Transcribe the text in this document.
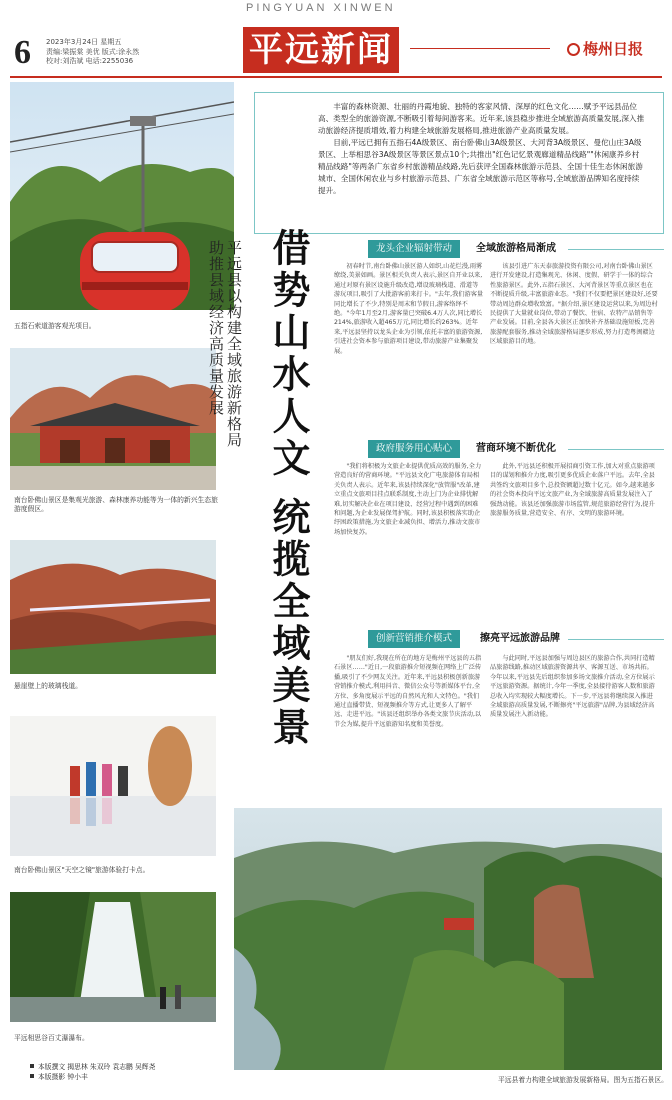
PINGYUAN XINWEN
6 2023年3月24日 星期五
责编:梁振棠 美优 版式:涂永然
校对:刘浩斌 电话:2255036	平远新闻	梅州日报
五指石索道游客观光项目。
南台卧佛山景区是集观光旅游、森林康养功能等为一体的新兴生态旅游度假区。
悬崖壁上的玻璃栈道。
南台卧佛山景区"天空之镜"旅游体验打卡点。
平远相思谷百丈瀑瀑布。
本版撰文 揭思林 朱双玲 袁志鹏 吴辉尧
本版摄影 钟小丰

丰富的森林资源、壮丽的丹霞地貌、独特的客家风情、深厚的红色文化……赋予平远县品位高、类型全的旅游资源,不断吸引着每间游客来。近年来,该县稳步推进全域旅游高质量发展,深入推动旅游经济提质增效,着力构建全域旅游发展格局,推进旅游产业高质量发展。

目前,平远已拥有五指石4A级景区、南台卧佛山3A级景区、大河背3A级景区、曼佗山庄3A级景区、上举相思谷3A级景区等景区景点10个;共推出"红色记忆景观廊道精品线路""休闲康养乡村精品线路"等两条广东省乡村旅游精品线路,先后获评全国森林旅游示范县、全国十佳生态休闲旅游城市、全国休闲农业与乡村旅游示范县、广东省全域旅游示范区等称号,全域旅游品牌知名度持续提升。

借势山水人文 统揽全域美景
平远县以构建全域旅游新格局
助推县域经济高质量发展	龙头企业辐射带动	全域旅游格局渐成

初春时节,南台卧佛山景区游人如织,山花烂漫,雨雾缭绕,美景如画。景区相关负责人表示,景区自开业以来,通过对原有景区设施升级改造,增设玻璃栈道、滑道等游玩项目,吸引了大批游客前来打卡。"去年,我们游客量同比增长了不少,特别是周末和节假日,游客络绎不绝。"今年1月至2月,游客量已突破6.4万人次,同比增长214%,旅游收入超465万元,同比增长约263%。近年来,平远县坚持以龙头企业为引领,依托丰富的旅游资源,引进社会资本参与旅游项目建设,带动旅游产业集聚发展。

该县引进广东天泰旅游投资有限公司,对南台卧佛山景区进行开发建设,打造集观光、休闲、度假、研学于一体的综合性旅游景区。此外,五指石景区、大河背景区等重点景区也在不断提质升级,丰富旅游业态。"我们不仅要把景区建设好,还要带动周边群众增收致富。"据介绍,景区建设运营以来,为周边村民提供了大量就业岗位,带动了餐饮、住宿、农特产品销售等产业发展。目前,全县各大景区正加快补齐基础设施短板,完善旅游配套服务,推动全域旅游格局逐步形成,努力打造粤闽赣边区域旅游目的地。

政府服务用心贴心	营商环境不断优化

"我们将积极为文旅企业提供优质高效的服务,全力营造良好的营商环境。"平远县文化广电旅游体育局相关负责人表示。近年来,该县持续深化"放管服"改革,建立重点文旅项目挂点联系制度,主动上门为企业排忧解难,切实解决企业在项目建设、经营过程中遇到的困难和问题,为企业发展保驾护航。同时,该县积极落实助企纾困政策措施,为文旅企业减负担、增活力,推动文旅市场加快复苏。

此外,平远县还积极开展招商引资工作,加大对重点旅游项目的谋划和推介力度,吸引更多优质企业落户平远。去年,全县共签约文旅项目多个,总投资额超过数十亿元。如今,越来越多的社会资本投向平远文旅产业,为全域旅游高质量发展注入了强劲动能。该县还加强旅游市场监管,规范旅游经营行为,提升旅游服务质量,营造安全、有序、文明的旅游环境。

创新营销推介模式	擦亮平远旅游品牌

"朋友们好,我现在所在的地方是梅州平远县的五指石景区……"近日,一段旅游推介短视频在网络上广泛传播,吸引了不少网友关注。近年来,平远县积极创新旅游营销推介模式,利用抖音、微信公众号等新媒体平台,全方位、多角度展示平远的自然风光和人文特色。"我们通过直播带货、短视频推介等方式,让更多人了解平远、走进平远。"该县还组织举办各类文旅节庆活动,以节会为媒,提升平远旅游知名度和美誉度。

与此同时,平远县加强与周边县区的旅游合作,共同打造精品旅游线路,推动区域旅游资源共享、客源互送、市场共拓。今年以来,平远县先后组织参加多场文旅推介活动,全方位展示平远旅游资源。据统计,今年一季度,全县接待游客人数和旅游总收入均实现较大幅度增长。下一步,平远县将继续深入推进全域旅游高质量发展,不断擦亮"平远旅游"品牌,为县域经济高质量发展注入新动能。

平远县着力构建全域旅游发展新格局。图为五指石景区。
